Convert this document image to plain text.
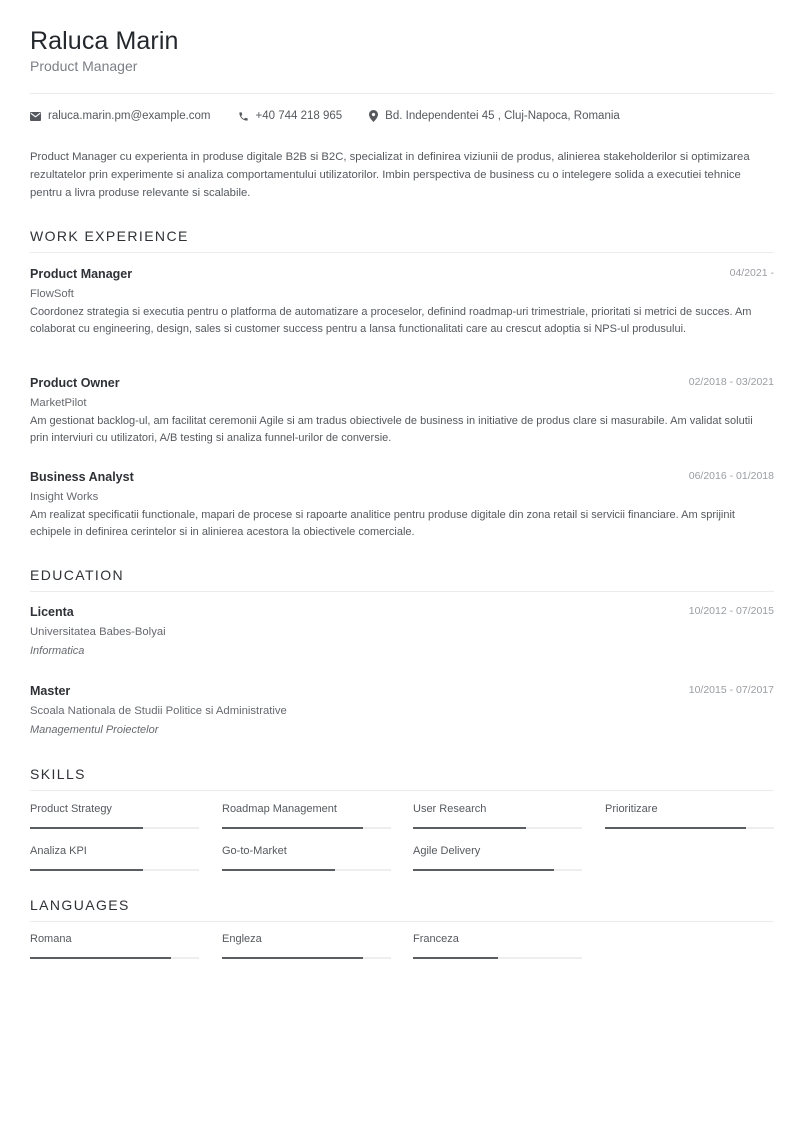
Raluca Marin
Product Manager
raluca.marin.pm@example.com	+40 744 218 965	Bd. Independentei 45 , Cluj-Napoca, Romania

Product Manager cu experienta in produse digitale B2B si B2C, specializat in definirea viziunii de produs, alinierea stakeholderilor si optimizarea rezultatelor prin experimente si analiza comportamentului utilizatorilor. Imbin perspectiva de business cu o intelegere solida a executiei tehnice pentru a livra produse relevante si scalabile.

WORK EXPERIENCE
Product Manager	04/2021 -
FlowSoft
Coordonez strategia si executia pentru o platforma de automatizare a proceselor, definind roadmap-uri trimestriale, prioritati si metrici de succes. Am colaborat cu engineering, design, sales si customer success pentru a lansa functionalitati care au crescut adoptia si NPS-ul produsului.
Product Owner	02/2018 - 03/2021
MarketPilot
Am gestionat backlog-ul, am facilitat ceremonii Agile si am tradus obiectivele de business in initiative de produs clare si masurabile. Am validat solutii prin interviuri cu utilizatori, A/B testing si analiza funnel-urilor de conversie.
Business Analyst	06/2016 - 01/2018
Insight Works
Am realizat specificatii functionale, mapari de procese si rapoarte analitice pentru produse digitale din zona retail si servicii financiare. Am sprijinit echipele in definirea cerintelor si in alinierea acestora la obiectivele comerciale.
EDUCATION
Licenta	10/2012 - 07/2015
Universitatea Babes-Bolyai
Informatica
Master	10/2015 - 07/2017
Scoala Nationala de Studii Politice si Administrative
Managementul Proiectelor
SKILLS
Product Strategy	Roadmap Management	User Research	Prioritizare
Analiza KPI	Go-to-Market	Agile Delivery
LANGUAGES
Romana	Engleza	Franceza
